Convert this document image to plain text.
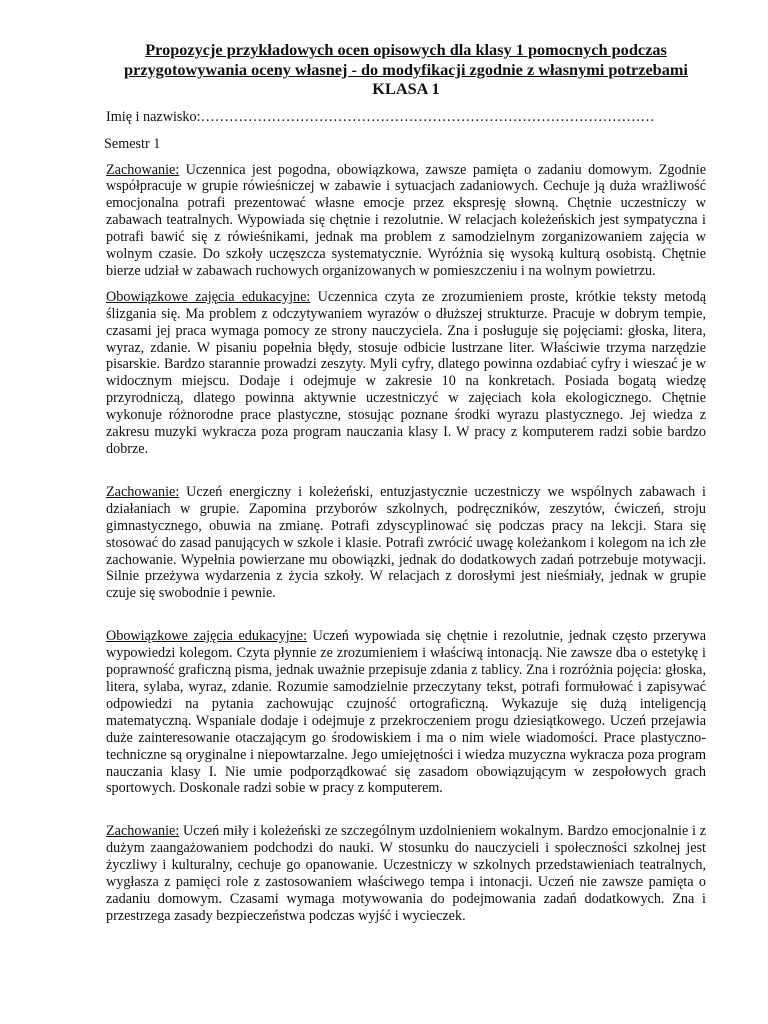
Propozycje przykładowych ocen opisowych dla klasy 1 pomocnych podczas przygotowywania oceny własnej - do modyfikacji zgodnie z własnymi potrzebami
KLASA 1
Imię i nazwisko:……………………………………………………………………………………
Semestr 1

Zachowanie: Uczennica jest pogodna, obowiązkowa, zawsze pamięta o zadaniu domowym. Zgodnie współpracuje w grupie rówieśniczej w zabawie i sytuacjach zadaniowych. Cechuje ją duża wrażliwość emocjonalna potrafi prezentować własne emocje przez ekspresję słowną. Chętnie uczestniczy w zabawach teatralnych. Wypowiada się chętnie i rezolutnie. W relacjach koleżeńskich jest sympatyczna i potrafi bawić się z rówieśnikami, jednak ma problem z samodzielnym zorganizowaniem zajęcia w wolnym czasie. Do szkoły uczęszcza systematycznie. Wyróżnia się wysoką kulturą osobistą. Chętnie bierze udział w zabawach ruchowych organizowanych w pomieszczeniu i na wolnym powietrzu.

Obowiązkowe zajęcia edukacyjne: Uczennica czyta ze zrozumieniem proste, krótkie teksty metodą ślizgania się. Ma problem z odczytywaniem wyrazów o dłuższej strukturze. Pracuje w dobrym tempie, czasami jej praca wymaga pomocy ze strony nauczyciela. Zna i posługuje się pojęciami: głoska, litera, wyraz, zdanie. W pisaniu popełnia błędy, stosuje odbicie lustrzane liter. Właściwie trzyma narzędzie pisarskie. Bardzo starannie prowadzi zeszyty. Myli cyfry, dlatego powinna ozdabiać cyfry i wieszać je w widocznym miejscu. Dodaje i odejmuje w zakresie 10 na konkretach. Posiada bogatą wiedzę przyrodniczą, dlatego powinna aktywnie uczestniczyć w zajęciach koła ekologicznego. Chętnie wykonuje różnorodne prace plastyczne, stosując poznane środki wyrazu plastycznego. Jej wiedza z zakresu muzyki wykracza poza program nauczania klasy I. W pracy z komputerem radzi sobie bardzo dobrze.

Zachowanie: Uczeń energiczny i koleżeński, entuzjastycznie uczestniczy we wspólnych zabawach i działaniach w grupie. Zapomina przyborów szkolnych, podręczników, zeszytów, ćwiczeń, stroju gimnastycznego, obuwia na zmianę. Potrafi zdyscyplinować się podczas pracy na lekcji. Stara się stosować do zasad panujących w szkole i klasie. Potrafi zwrócić uwagę koleżankom i kolegom na ich złe zachowanie. Wypełnia powierzane mu obowiązki, jednak do dodatkowych zadań potrzebuje motywacji. Silnie przeżywa wydarzenia z życia szkoły. W relacjach z dorosłymi jest nieśmiały, jednak w grupie czuje się swobodnie i pewnie.

Obowiązkowe zajęcia edukacyjne: Uczeń wypowiada się chętnie i rezolutnie, jednak często przerywa wypowiedzi kolegom. Czyta płynnie ze zrozumieniem i właściwą intonacją. Nie zawsze dba o estetykę i poprawność graficzną pisma, jednak uważnie przepisuje zdania z tablicy. Zna i rozróżnia pojęcia: głoska, litera, sylaba, wyraz, zdanie. Rozumie samodzielnie przeczytany tekst, potrafi formułować i zapisywać odpowiedzi na pytania zachowując czujność ortograficzną. Wykazuje się dużą inteligencją matematyczną. Wspaniale dodaje i odejmuje z przekroczeniem progu dziesiątkowego. Uczeń przejawia duże zainteresowanie otaczającym go środowiskiem i ma o nim wiele wiadomości. Prace plastyczno-techniczne są oryginalne i niepowtarzalne. Jego umiejętności i wiedza muzyczna wykracza poza program nauczania klasy I. Nie umie podporządkować się zasadom obowiązującym w zespołowych grach sportowych. Doskonale radzi sobie w pracy z komputerem.

Zachowanie: Uczeń miły i koleżeński ze szczególnym uzdolnieniem wokalnym. Bardzo emocjonalnie i z dużym zaangażowaniem podchodzi do nauki. W stosunku do nauczycieli i społeczności szkolnej jest życzliwy i kulturalny, cechuje go opanowanie. Uczestniczy w szkolnych przedstawieniach teatralnych, wygłasza z pamięci role z zastosowaniem właściwego tempa i intonacji. Uczeń nie zawsze pamięta o zadaniu domowym. Czasami wymaga motywowania do podejmowania zadań dodatkowych. Zna i przestrzega zasady bezpieczeństwa podczas wyjść i wycieczek.
